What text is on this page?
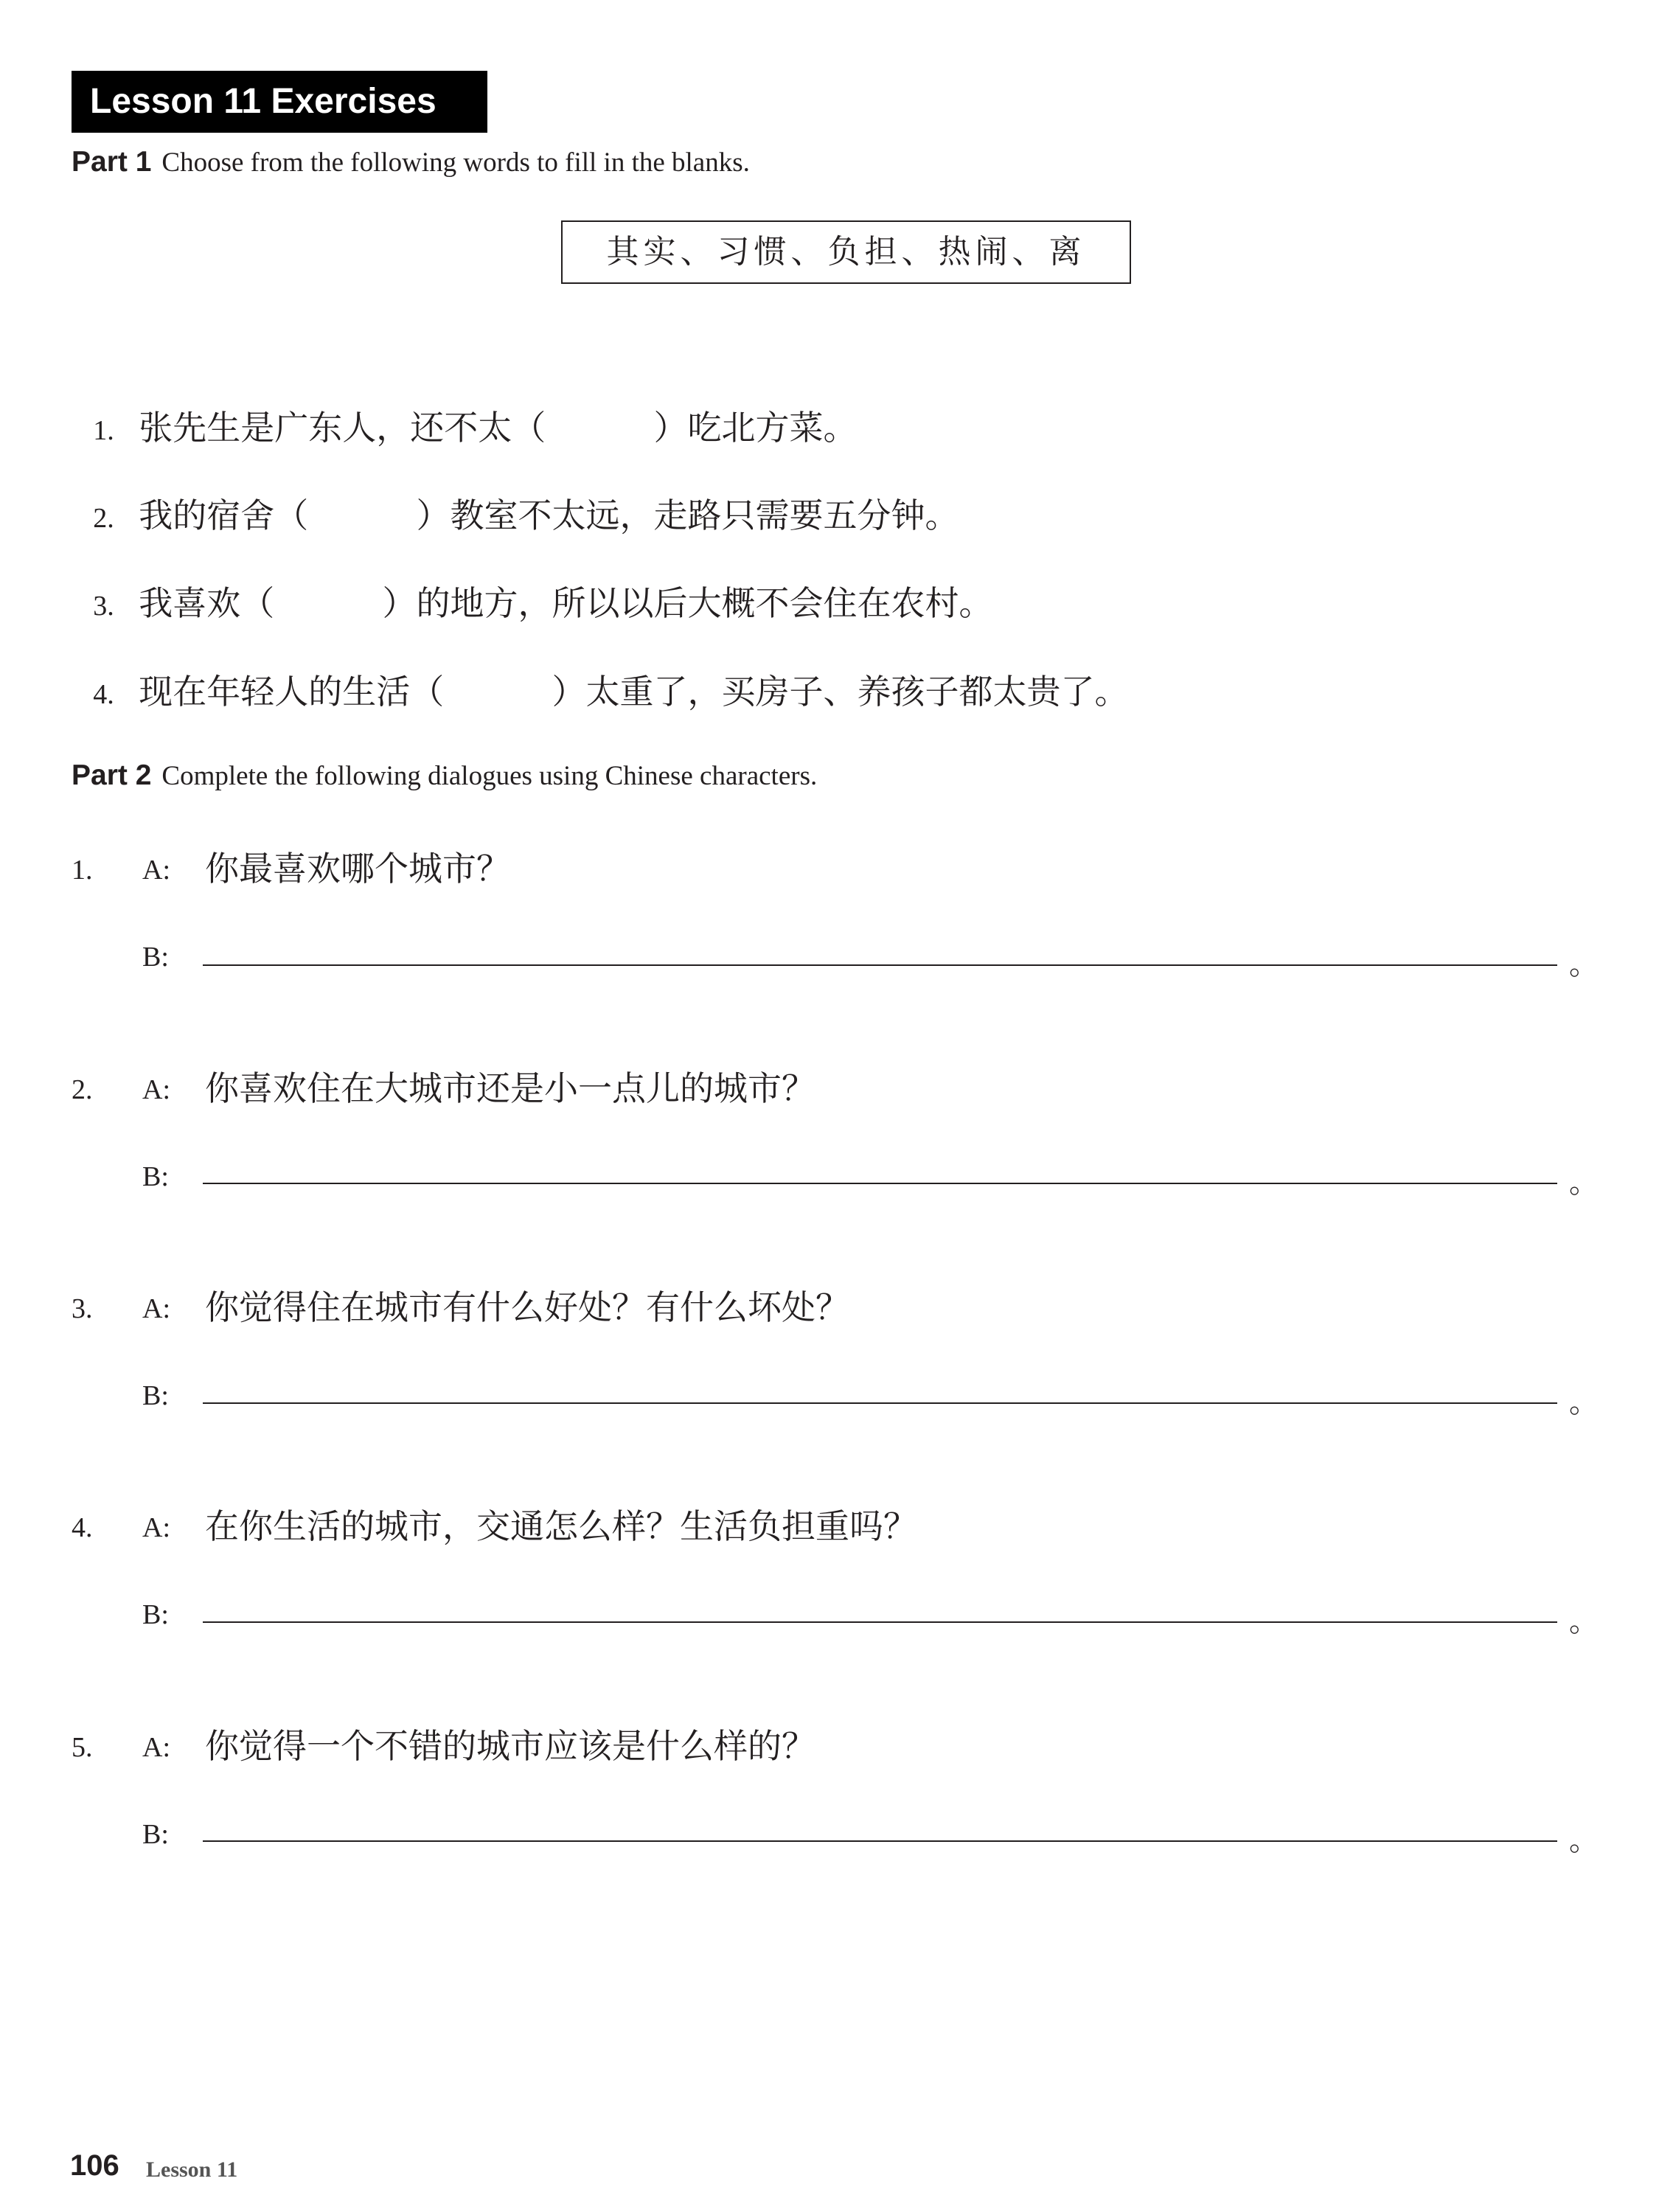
Lesson 11 Exercises
Part 1 Choose from the following words to fill in the blanks.
其实、习惯、负担、热闹、离

1. 张先生是广东人，还不太（	）吃北方菜。

2. 我的宿舍（	）教室不太远，走路只需要五分钟。

3. 我喜欢（	）的地方，所以以后大概不会住在农村。

4. 现在年轻人的生活（	）太重了，买房子、养孩子都太贵了。

Part 2 Complete the following dialogues using Chinese characters.
1. A: 你最喜欢哪个城市？
B:	。
2. A: 你喜欢住在大城市还是小一点儿的城市？
B:	。
3. A: 你觉得住在城市有什么好处？有什么坏处？
B:	。
4. A: 在你生活的城市，交通怎么样？生活负担重吗？
B:	。
5. A: 你觉得一个不错的城市应该是什么样的？
B:	。
106 Lesson 11
